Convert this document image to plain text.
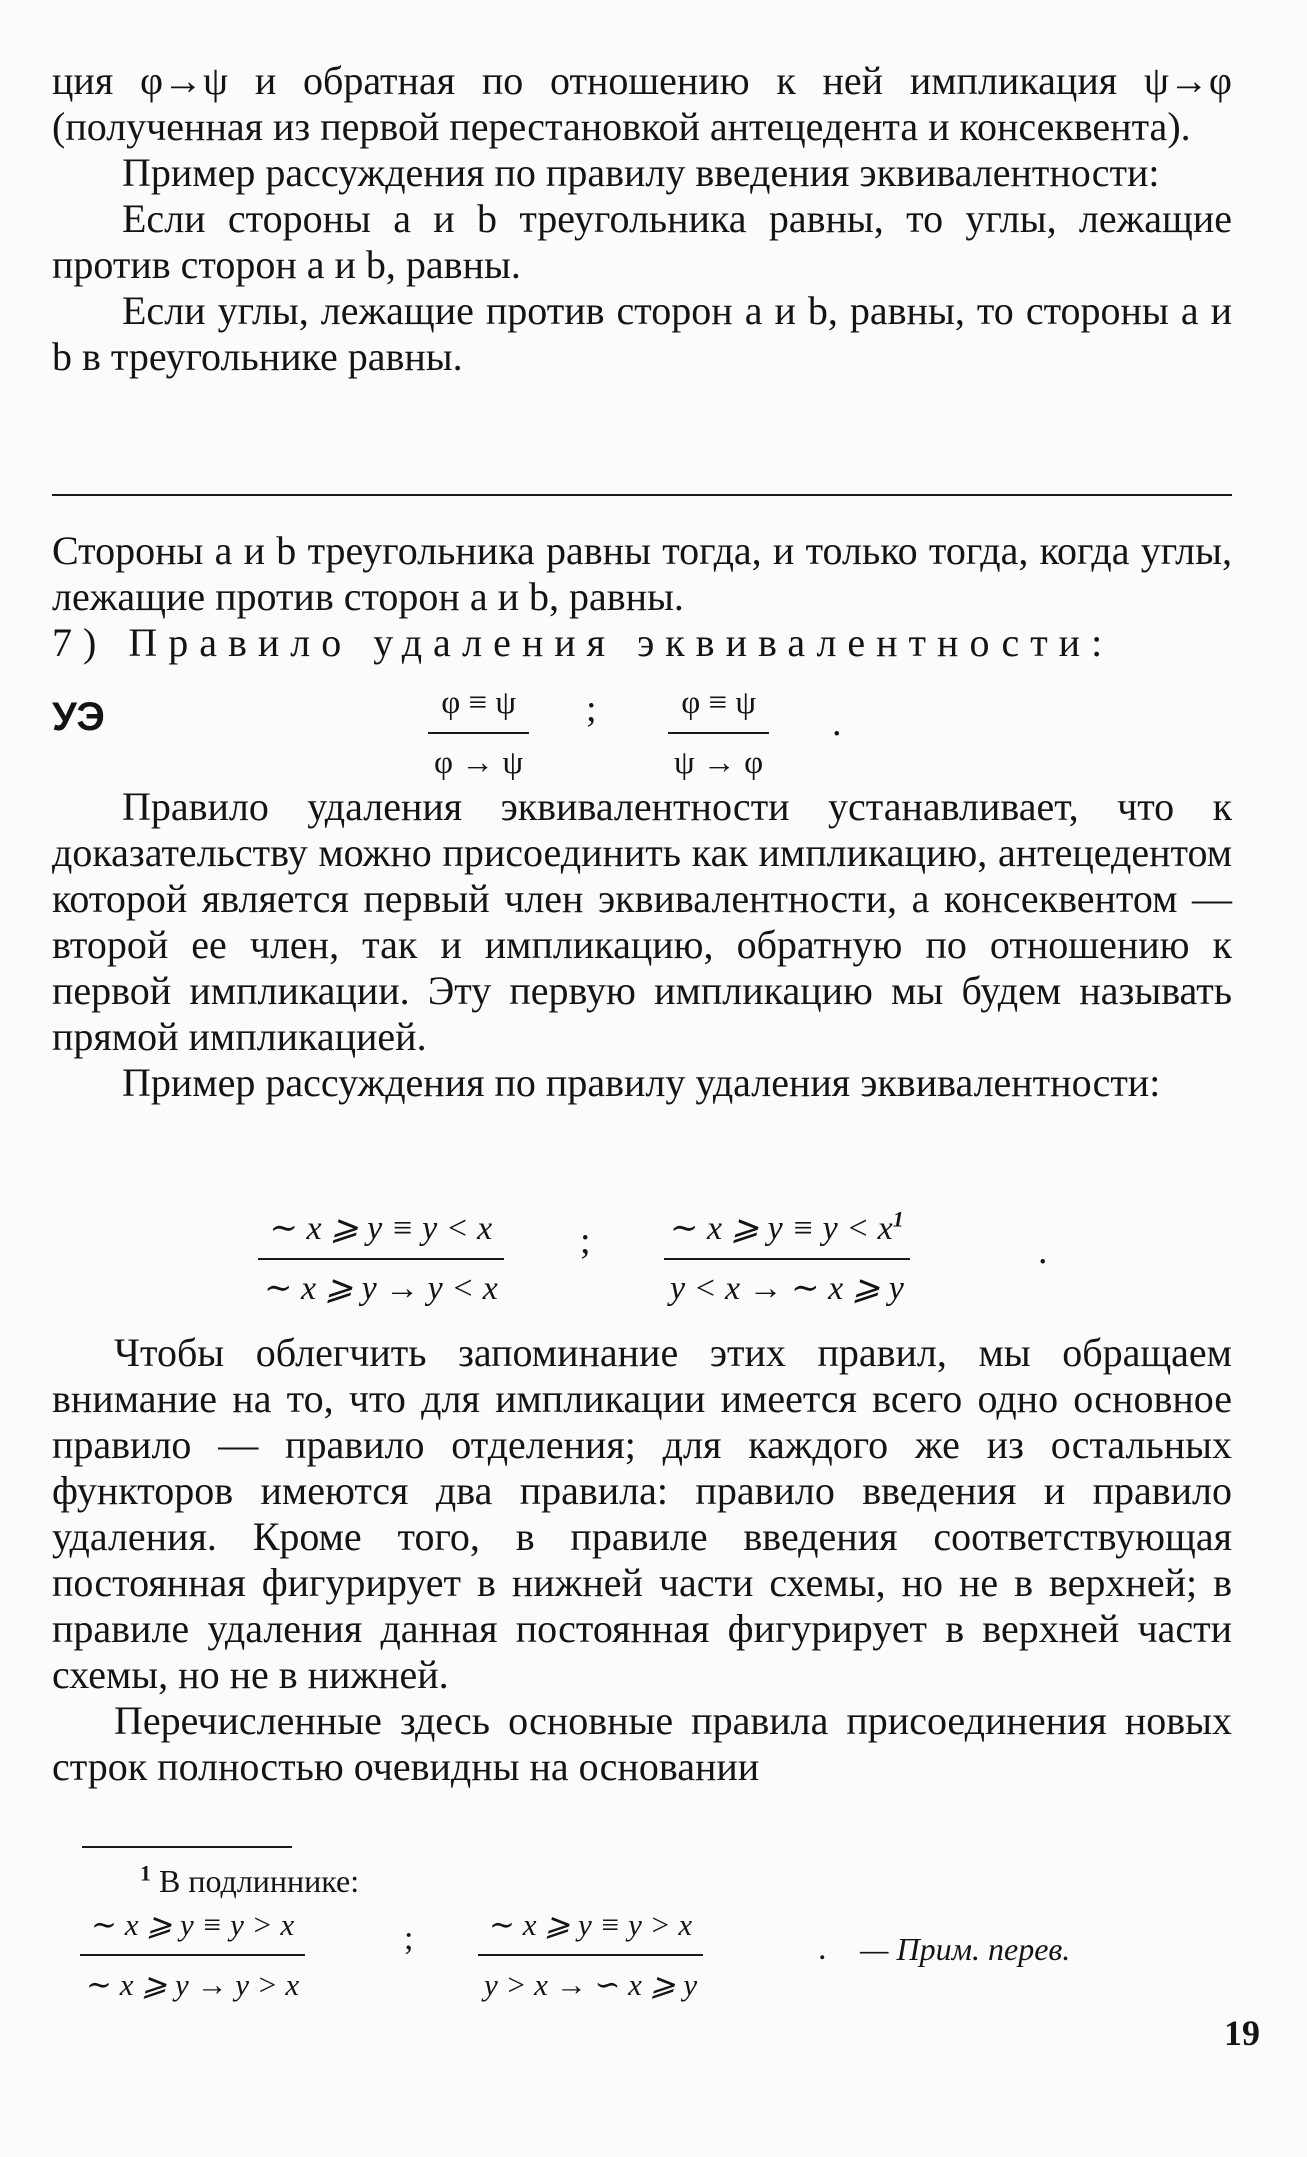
ция φ→ψ и обратная по отношению к ней импликация ψ→φ (полученная из первой перестановкой антецедента и консеквента).

Пример рассуждения по правилу введения эквивалентности:

Если стороны a и b треугольника равны, то углы, лежащие против сторон a и b, равны.

Если углы, лежащие против сторон a и b, равны, то стороны a и b в треугольнике равны.

Стороны a и b треугольника равны тогда, и только тогда, когда углы, лежащие против сторон a и b, равны.

7) Правило удаления эквивалентности:

УЭ	$\frac{\varphi \equiv \psi}{\varphi \to \psi}$ ; $\frac{\varphi \equiv \psi}{\psi \to \varphi}$ .

Правило удаления эквивалентности устанавливает, что к доказательству можно присоединить как импликацию, антецедентом которой является первый член эквивалентности, а консеквентом — второй ее член, так и импликацию, обратную по отношению к первой импликации. Эту первую импликацию мы будем называть прямой импликацией.

Пример рассуждения по правилу удаления эквивалентности:

$\frac{\sim x ⩾ y \equiv y < x}{\sim x ⩾ y \to y < x}$ ; $\frac{\sim x ⩾ y \equiv y < x^1}{y < x \to \sim x ⩾ y}$	.

Чтобы облегчить запоминание этих правил, мы обращаем внимание на то, что для импликации имеется всего одно основное правило — правило отделения; для каждого же из остальных функторов имеются два правила: правило введения и правило удаления. Кроме того, в правиле введения соответствующая постоянная фигурирует в нижней части схемы, но не в верхней; в правиле удаления данная постоянная фигурирует в верхней части схемы, но не в нижней.

Перечисленные здесь основные правила присоединения новых строк полностью очевидны на основании

$^1$ В подлиннике:
$\frac{\sim x ⩾ y \equiv y > x}{\sim x ⩾ y \to y > x}$	; $\frac{\sim x ⩾ y \equiv y > x}{y > x \to ∽ x ⩾ y}$	. — Прим. перев.
19
